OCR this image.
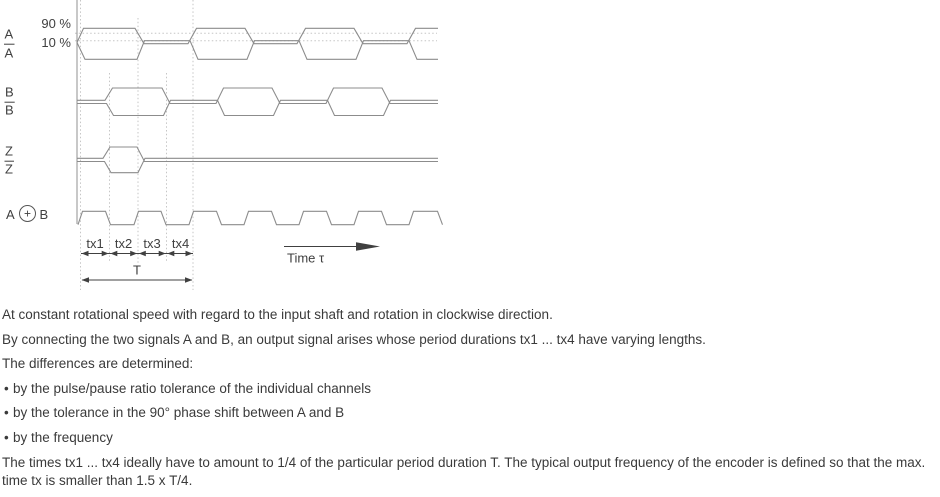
90 %
10 %
A
A
B
B
Z
Z
A + B
tx1 tx2 tx3 tx4
T
Time τ

At constant rotational speed with regard to the input shaft and rotation in clockwise direction.

By connecting the two signals A and B, an output signal arises whose period durations tx1 ... tx4 have varying lengths.

The differences are determined:

• by the pulse/pause ratio tolerance of the individual channels
• by the tolerance in the 90° phase shift between A and B
• by the frequency

The times tx1 ... tx4 ideally have to amount to 1/4 of the particular period duration T. The typical output frequency of the encoder is defined so that the max. time tx is smaller than 1.5 x T/4.
